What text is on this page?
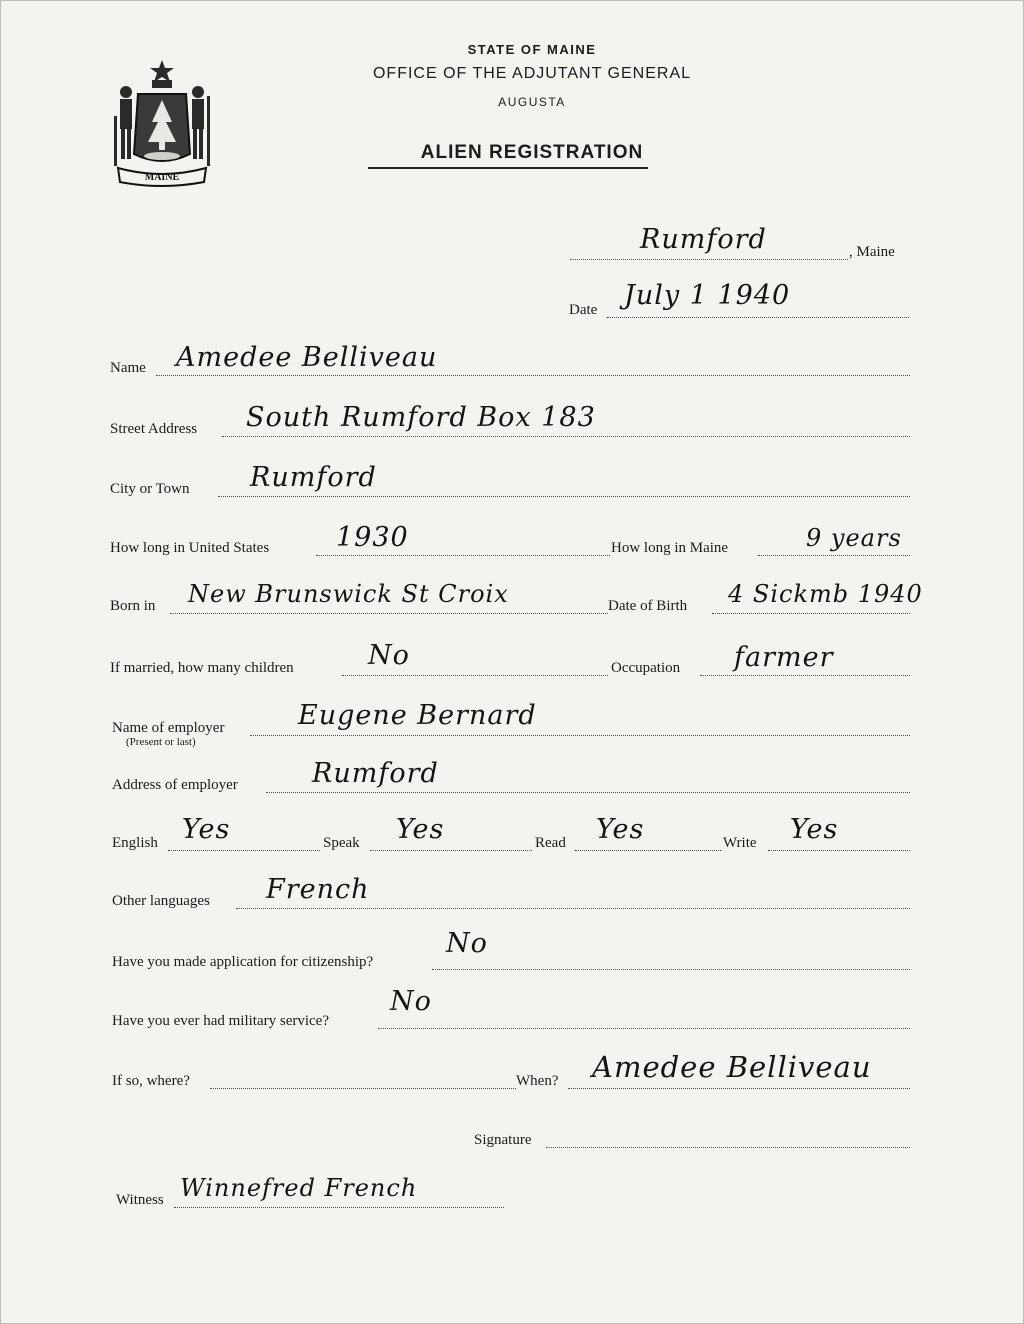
MAINE
STATE OF MAINE
OFFICE OF THE ADJUTANT GENERAL
AUGUSTA
ALIEN REGISTRATION
Rumford	, Maine
Date July 1 1940
Name Amedee Belliveau
Street Address South Rumford Box 183
City or Town Rumford
How long in United States 1930	How long in Maine	9 years
Born in New Brunswick St Croix	Date of Birth 4 Sickmb 1940
If married, how many children	No	Occupation farmer
Name of employer
(Present or last)
Eugene Bernard
Address of employer	Rumford
English Yes	Speak Yes	Read Yes	Write Yes
Other languages French
Have you made application for citizenship?
No
Have you ever had military service?
No
If so, where?	When? Amedee Belliveau
Signature
Witness Winnefred French
